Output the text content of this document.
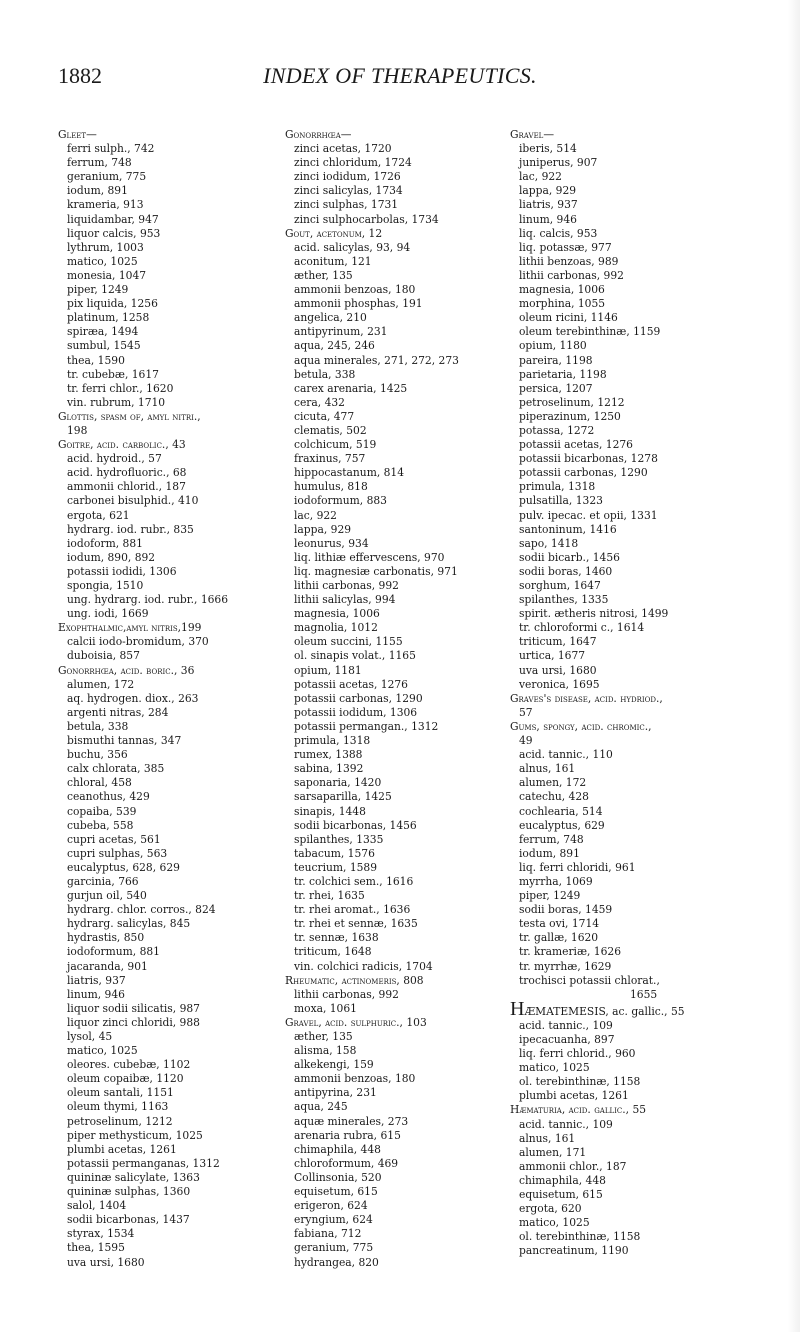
1882	INDEX OF THERAPEUTICS.
Gleet—
ferri sulph., 742
ferrum, 748
geranium, 775
iodum, 891
krameria, 913
liquidambar, 947
liquor calcis, 953
lythrum, 1003
matico, 1025
monesia, 1047
piper, 1249
pix liquida, 1256
platinum, 1258
spiræa, 1494
sumbul, 1545
thea, 1590
tr. cubebæ, 1617
tr. ferri chlor., 1620
vin. rubrum, 1710
Glottis, spasm of, amyl nitri.,
198
Goitre, acid. carbolic., 43
acid. hydroid., 57
acid. hydrofluoric., 68
ammonii chlorid., 187
carbonei bisulphid., 410
ergota, 621
hydrarg. iod. rubr., 835
iodoform, 881
iodum, 890, 892
potassii iodidi, 1306
spongia, 1510
ung. hydrarg. iod. rubr., 1666
ung. iodi, 1669
Exophthalmic,amyl nitris,199
calcii iodo-bromidum, 370
duboisia, 857
Gonorrhœa, acid. boric., 36
alumen, 172
aq. hydrogen. diox., 263
argenti nitras, 284
betula, 338
bismuthi tannas, 347
buchu, 356
calx chlorata, 385
chloral, 458
ceanothus, 429
copaiba, 539
cubeba, 558
cupri acetas, 561
cupri sulphas, 563
eucalyptus, 628, 629
garcinia, 766
gurjun oil, 540
hydrarg. chlor. corros., 824
hydrarg. salicylas, 845
hydrastis, 850
iodoformum, 881
jacaranda, 901
liatris, 937
linum, 946
liquor sodii silicatis, 987
liquor zinci chloridi, 988
lysol, 45
matico, 1025
oleores. cubebæ, 1102
oleum copaibæ, 1120
oleum santali, 1151
oleum thymi, 1163
petroselinum, 1212
piper methysticum, 1025
plumbi acetas, 1261
potassii permanganas, 1312
quininæ salicylate, 1363
quininæ sulphas, 1360
salol, 1404
sodii bicarbonas, 1437
styrax, 1534
thea, 1595
uva ursi, 1680
Gonorrhœa—
zinci acetas, 1720
zinci chloridum, 1724
zinci iodidum, 1726
zinci salicylas, 1734
zinci sulphas, 1731
zinci sulphocarbolas, 1734
Gout, acetonum, 12
acid. salicylas, 93, 94
aconitum, 121
æther, 135
ammonii benzoas, 180
ammonii phosphas, 191
angelica, 210
antipyrinum, 231
aqua, 245, 246
aqua minerales, 271, 272, 273
betula, 338
carex arenaria, 1425
cera, 432
cicuta, 477
clematis, 502
colchicum, 519
fraxinus, 757
hippocastanum, 814
humulus, 818
iodoformum, 883
lac, 922
lappa, 929
leonurus, 934
liq. lithiæ effervescens, 970
liq. magnesiæ carbonatis, 971
lithii carbonas, 992
lithii salicylas, 994
magnesia, 1006
magnolia, 1012
oleum succini, 1155
ol. sinapis volat., 1165
opium, 1181
potassii acetas, 1276
potassii carbonas, 1290
potassii iodidum, 1306
potassii permangan., 1312
primula, 1318
rumex, 1388
sabina, 1392
saponaria, 1420
sarsaparilla, 1425
sinapis, 1448
sodii bicarbonas, 1456
spilanthes, 1335
tabacum, 1576
teucrium, 1589
tr. colchici sem., 1616
tr. rhei, 1635
tr. rhei aromat., 1636
tr. rhei et sennæ, 1635
tr. sennæ, 1638
triticum, 1648
vin. colchici radicis, 1704
Rheumatic, actinomeris, 808
lithii carbonas, 992
moxa, 1061
Gravel, acid. sulphuric., 103
æther, 135
alisma, 158
alkekengi, 159
ammonii benzoas, 180
antipyrina, 231
aqua, 245
aquæ minerales, 273
arenaria rubra, 615
chimaphila, 448
chloroformum, 469
Collinsonia, 520
equisetum, 615
erigeron, 624
eryngium, 624
fabiana, 712
geranium, 775
hydrangea, 820
Gravel—
iberis, 514
juniperus, 907
lac, 922
lappa, 929
liatris, 937
linum, 946
liq. calcis, 953
liq. potassæ, 977
lithii benzoas, 989
lithii carbonas, 992
magnesia, 1006
morphina, 1055
oleum ricini, 1146
oleum terebinthinæ, 1159
opium, 1180
pareira, 1198
parietaria, 1198
persica, 1207
petroselinum, 1212
piperazinum, 1250
potassa, 1272
potassii acetas, 1276
potassii bicarbonas, 1278
potassii carbonas, 1290
primula, 1318
pulsatilla, 1323
pulv. ipecac. et opii, 1331
santoninum, 1416
sapo, 1418
sodii bicarb., 1456
sodii boras, 1460
sorghum, 1647
spilanthes, 1335
spirit. ætheris nitrosi, 1499
tr. chloroformi c., 1614
triticum, 1647
urtica, 1677
uva ursi, 1680
veronica, 1695
Graves's disease, acid. hydriod.,
57
Gums, spongy, acid. chromic.,
49
acid. tannic., 110
alnus, 161
alumen, 172
catechu, 428
cochlearia, 514
eucalyptus, 629
ferrum, 748
iodum, 891
liq. ferri chloridi, 961
myrrha, 1069
piper, 1249
sodii boras, 1459
testa ovi, 1714
tr. gallæ, 1620
tr. krameriæ, 1626
tr. myrrhæ, 1629
trochisci potassii chlorat.,
1655
HÆMATEMESIS, ac. gallic., 55
acid. tannic., 109
ipecacuanha, 897
liq. ferri chlorid., 960
matico, 1025
ol. terebinthinæ, 1158
plumbi acetas, 1261
Hæmaturia, acid. gallic., 55
acid. tannic., 109
alnus, 161
alumen, 171
ammonii chlor., 187
chimaphila, 448
equisetum, 615
ergota, 620
matico, 1025
ol. terebinthinæ, 1158
pancreatinum, 1190
